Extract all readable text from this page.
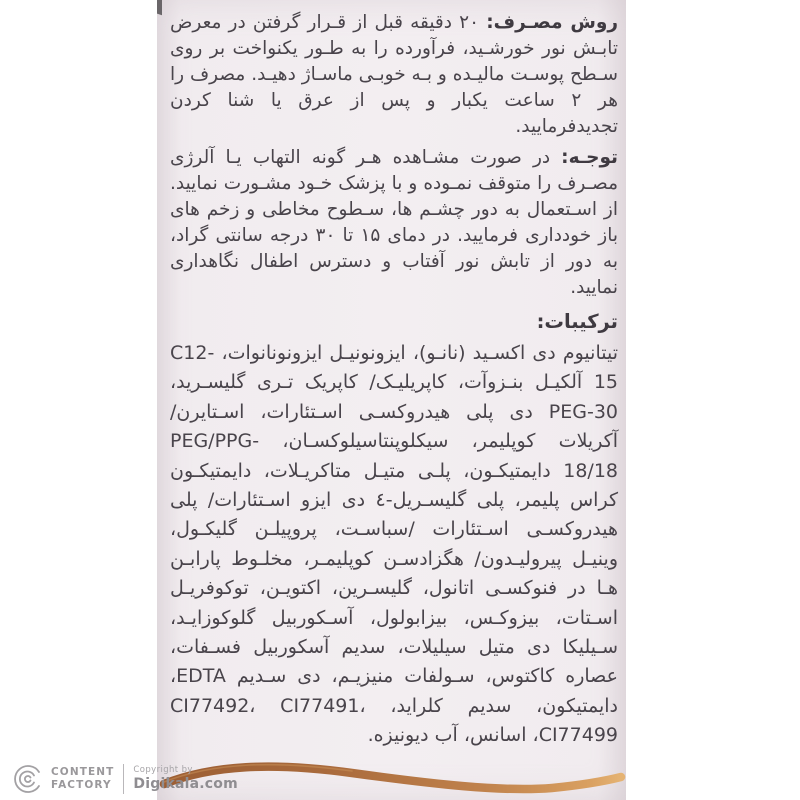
روش مصـرف: ۲۰ دقیقه قبل از قـرار گرفتن در معرض تابـش نور خورشـید، فرآورده را به طـور یکنواخت بر روی سـطح پوسـت مالیـده و بـه خوبـی ماسـاژ دهیـد. مصرف را هر ۲ ساعت یکبار و پس از عرق یا شنا کردن تجدیدفرمایید.

توجـه: در صورت مشـاهده هـر گونه التهاب یـا آلرژی مصـرف را متوقف نمـوده و با پزشک خـود مشـورت نمایید. از اسـتعمال به دور چشـم ها، سـطوح مخاطی و زخم های باز خودداری فرمایید. در دمای ۱۵ تا ۳۰ درجه سانتی گراد، به دور از تابش نور آفتاب و دسترس اطفال نگاهداری نمایید.

ترکیبات:

تیتانیوم دی اکسـید (نانـو)، ایزونونیـل ایزونونانوات، C12-15 آلکیـل بنـزوآت، کاپریلیـک/ کاپریک تـری گلیسـرید، PEG-30 دی پلی هیدروکسـی اسـتئارات، اسـتایرن/ آکریلات کوپلیمر، سیکلوپنتاسیلوکسـان، PEG/PPG-18/18 دایمتیکـون، پلـی متیـل متاکریـلات، دایمتیکـون کراس پلیمر، پلی گلیسـریل-٤ دی ایزو اسـتئارات/ پلی هیدروکسـی اسـتئارات /سباسـت، پروپیلـن گلیکـول، وینیـل پیرولیـدون/ هگزادسـن کوپلیمـر، مخلـوط پارابـن هـا در فنوکسـی اتانول، گلیسـرین، اکتویـن، توکوفریـل اسـتات، بیزوکـس، بیزابولول، آسـکوربیل گلوکوزایـد، سـیلیکا دی متیل سیلیلات، سدیم آسکوربیل فسـفات، عصاره کاکتوس، سـولفات منیزیـم، دی سـدیم EDTA، دایمتیکون، سدیم کلراید، CI77492، CI77491، CI77499، اسانس، آب دیونیزه.

CONTENT
FACTORY
Copyright by
Digikala.com
